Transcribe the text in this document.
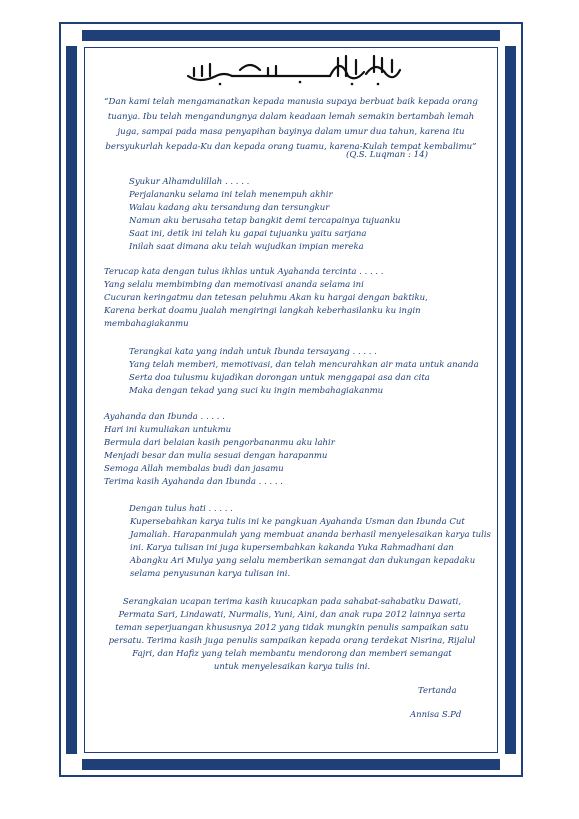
“Dan kami telah mengamanatkan kepada manusia supaya berbuat baik kepada orang tuanya. Ibu telah mengandungnya dalam keadaan lemah semakin bertambah lemah juga, sampai pada masa penyapihan bayinya dalam umur dua tahun, karena itu bersyukurlah kepada-Ku dan kepada orang tuamu, karena-Kulah tempat kembalimu”
(Q.S. Luqman : 14)
Syukur Alhamdulillah . . . . .
Perjalananku selama ini telah menempuh akhir
Walau kadang aku tersandung dan tersungkur
Namun aku berusaha tetap bangkit demi tercapainya tujuanku
Saat ini, detik ini telah ku gapai tujuanku yaitu sarjana
Inilah saat dimana aku telah wujudkan impian mereka
Terucap kata dengan tulus ikhlas untuk Ayahanda tercinta . . . . .
Yang selalu membimbing dan memotivasi ananda selama ini
Cucuran keringatmu dan tetesan peluhmu Akan ku hargai dengan baktiku,
Karena berkat doamu jualah mengiringi langkah keberhasilanku ku ingin
membahagiakanmu
Terangkai kata yang indah untuk Ibunda tersayang . . . . .
Yang telah memberi, memotivasi, dan telah mencurahkan air mata untuk ananda
Serta doa tulusmu kujadikan dorongan untuk menggapai asa dan cita
Maka dengan tekad yang suci ku ingin membahagiakanmu
Ayahanda dan Ibunda . . . . .
Hari ini kumuliakan untukmu
Bermula dari belaian kasih pengorbananmu aku lahir
Menjadi besar dan mulia sesuai dengan harapanmu
Semoga Allah membalas budi dan jasamu
Terima kasih Ayahanda dan Ibunda . . . . .
Dengan tulus hati . . . . .
Kupersebahkan karya tulis ini ke pangkuan Ayahanda Usman dan Ibunda Cut
Jamaliah. Harapanmulah yang membuat ananda berhasil menyelesaikan karya tulis
ini. Karya tulisan ini juga kupersembahkan kakanda Yuka Rahmadhani dan
Abangku Ari Mulya yang selalu memberikan semangat dan dukungan kepadaku
selama penyusunan karya tulisan ini.
Serangkaian ucapan terima kasih kuucapkan pada sahabat-sahabatku Dawati,
Permata Sari, Lindawati, Nurmalis, Yuni, Aini, dan anak rupa 2012 lainnya serta
teman seperjuangan khususnya 2012 yang tidak mungkin penulis sampaikan satu
persatu. Terima kasih juga penulis sampaikan kepada orang terdekat Nisrina, Rijalul
Fajri, dan Hafiz yang telah membantu mendorong dan memberi semangat
untuk menyelesaikan karya tulis ini.
Tertanda
Annisa S.Pd
